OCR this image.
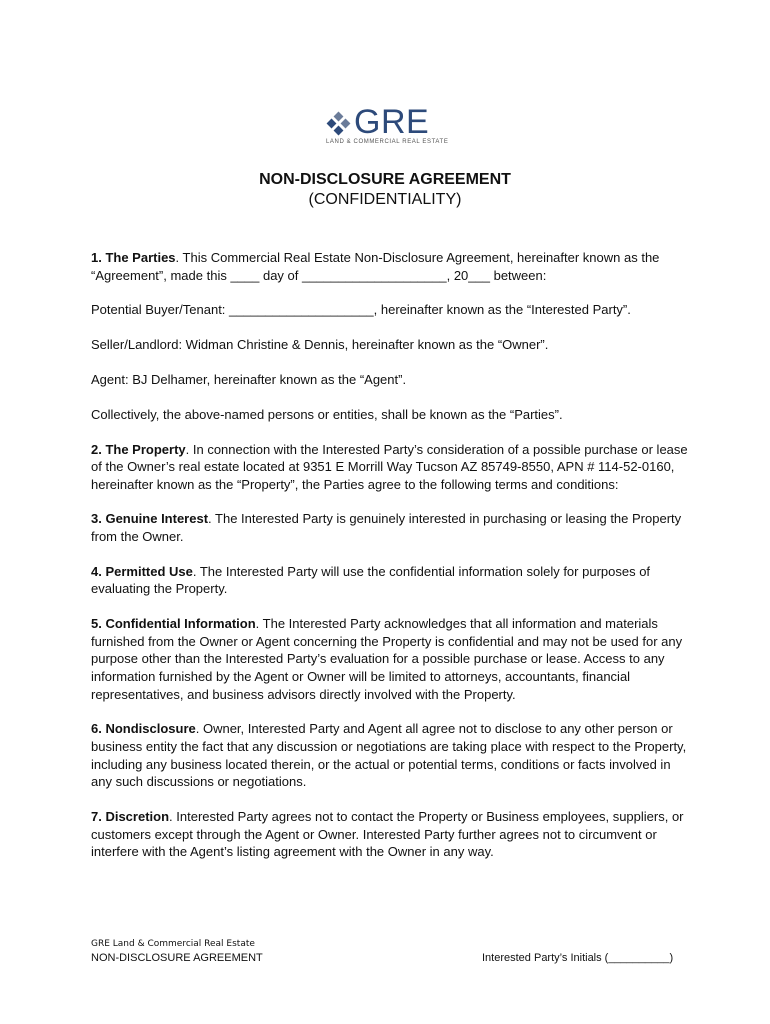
GRE
LAND & COMMERCIAL REAL ESTATE
NON-DISCLOSURE AGREEMENT
(CONFIDENTIALITY)

1. The Parties. This Commercial Real Estate Non-Disclosure Agreement, hereinafter known as the “Agreement”, made this ____ day of ____________________, 20___ between:

Potential Buyer/Tenant: ____________________, hereinafter known as the “Interested Party”.

Seller/Landlord: Widman Christine & Dennis, hereinafter known as the “Owner”.

Agent: BJ Delhamer, hereinafter known as the “Agent”.

Collectively, the above-named persons or entities, shall be known as the “Parties”.

2. The Property. In connection with the Interested Party’s consideration of a possible purchase or lease of the Owner’s real estate located at 9351 E Morrill Way Tucson AZ 85749-8550, APN # 114-52-0160, hereinafter known as the “Property”, the Parties agree to the following terms and conditions:

3. Genuine Interest. The Interested Party is genuinely interested in purchasing or leasing the Property from the Owner.

4. Permitted Use. The Interested Party will use the confidential information solely for purposes of evaluating the Property.

5. Confidential Information. The Interested Party acknowledges that all information and materials furnished from the Owner or Agent concerning the Property is confidential and may not be used for any purpose other than the Interested Party’s evaluation for a possible purchase or lease. Access to any information furnished by the Agent or Owner will be limited to attorneys, accountants, financial representatives, and business advisors directly involved with the Property.

6. Nondisclosure. Owner, Interested Party and Agent all agree not to disclose to any other person or business entity the fact that any discussion or negotiations are taking place with respect to the Property, including any business located therein, or the actual or potential terms, conditions or facts involved in any such discussions or negotiations.

7. Discretion. Interested Party agrees not to contact the Property or Business employees, suppliers, or customers except through the Agent or Owner. Interested Party further agrees not to circumvent or interfere with the Agent’s listing agreement with the Owner in any way.

GRE Land & Commercial Real Estate
NON-DISCLOSURE AGREEMENT	Interested Party’s Initials (__________)
